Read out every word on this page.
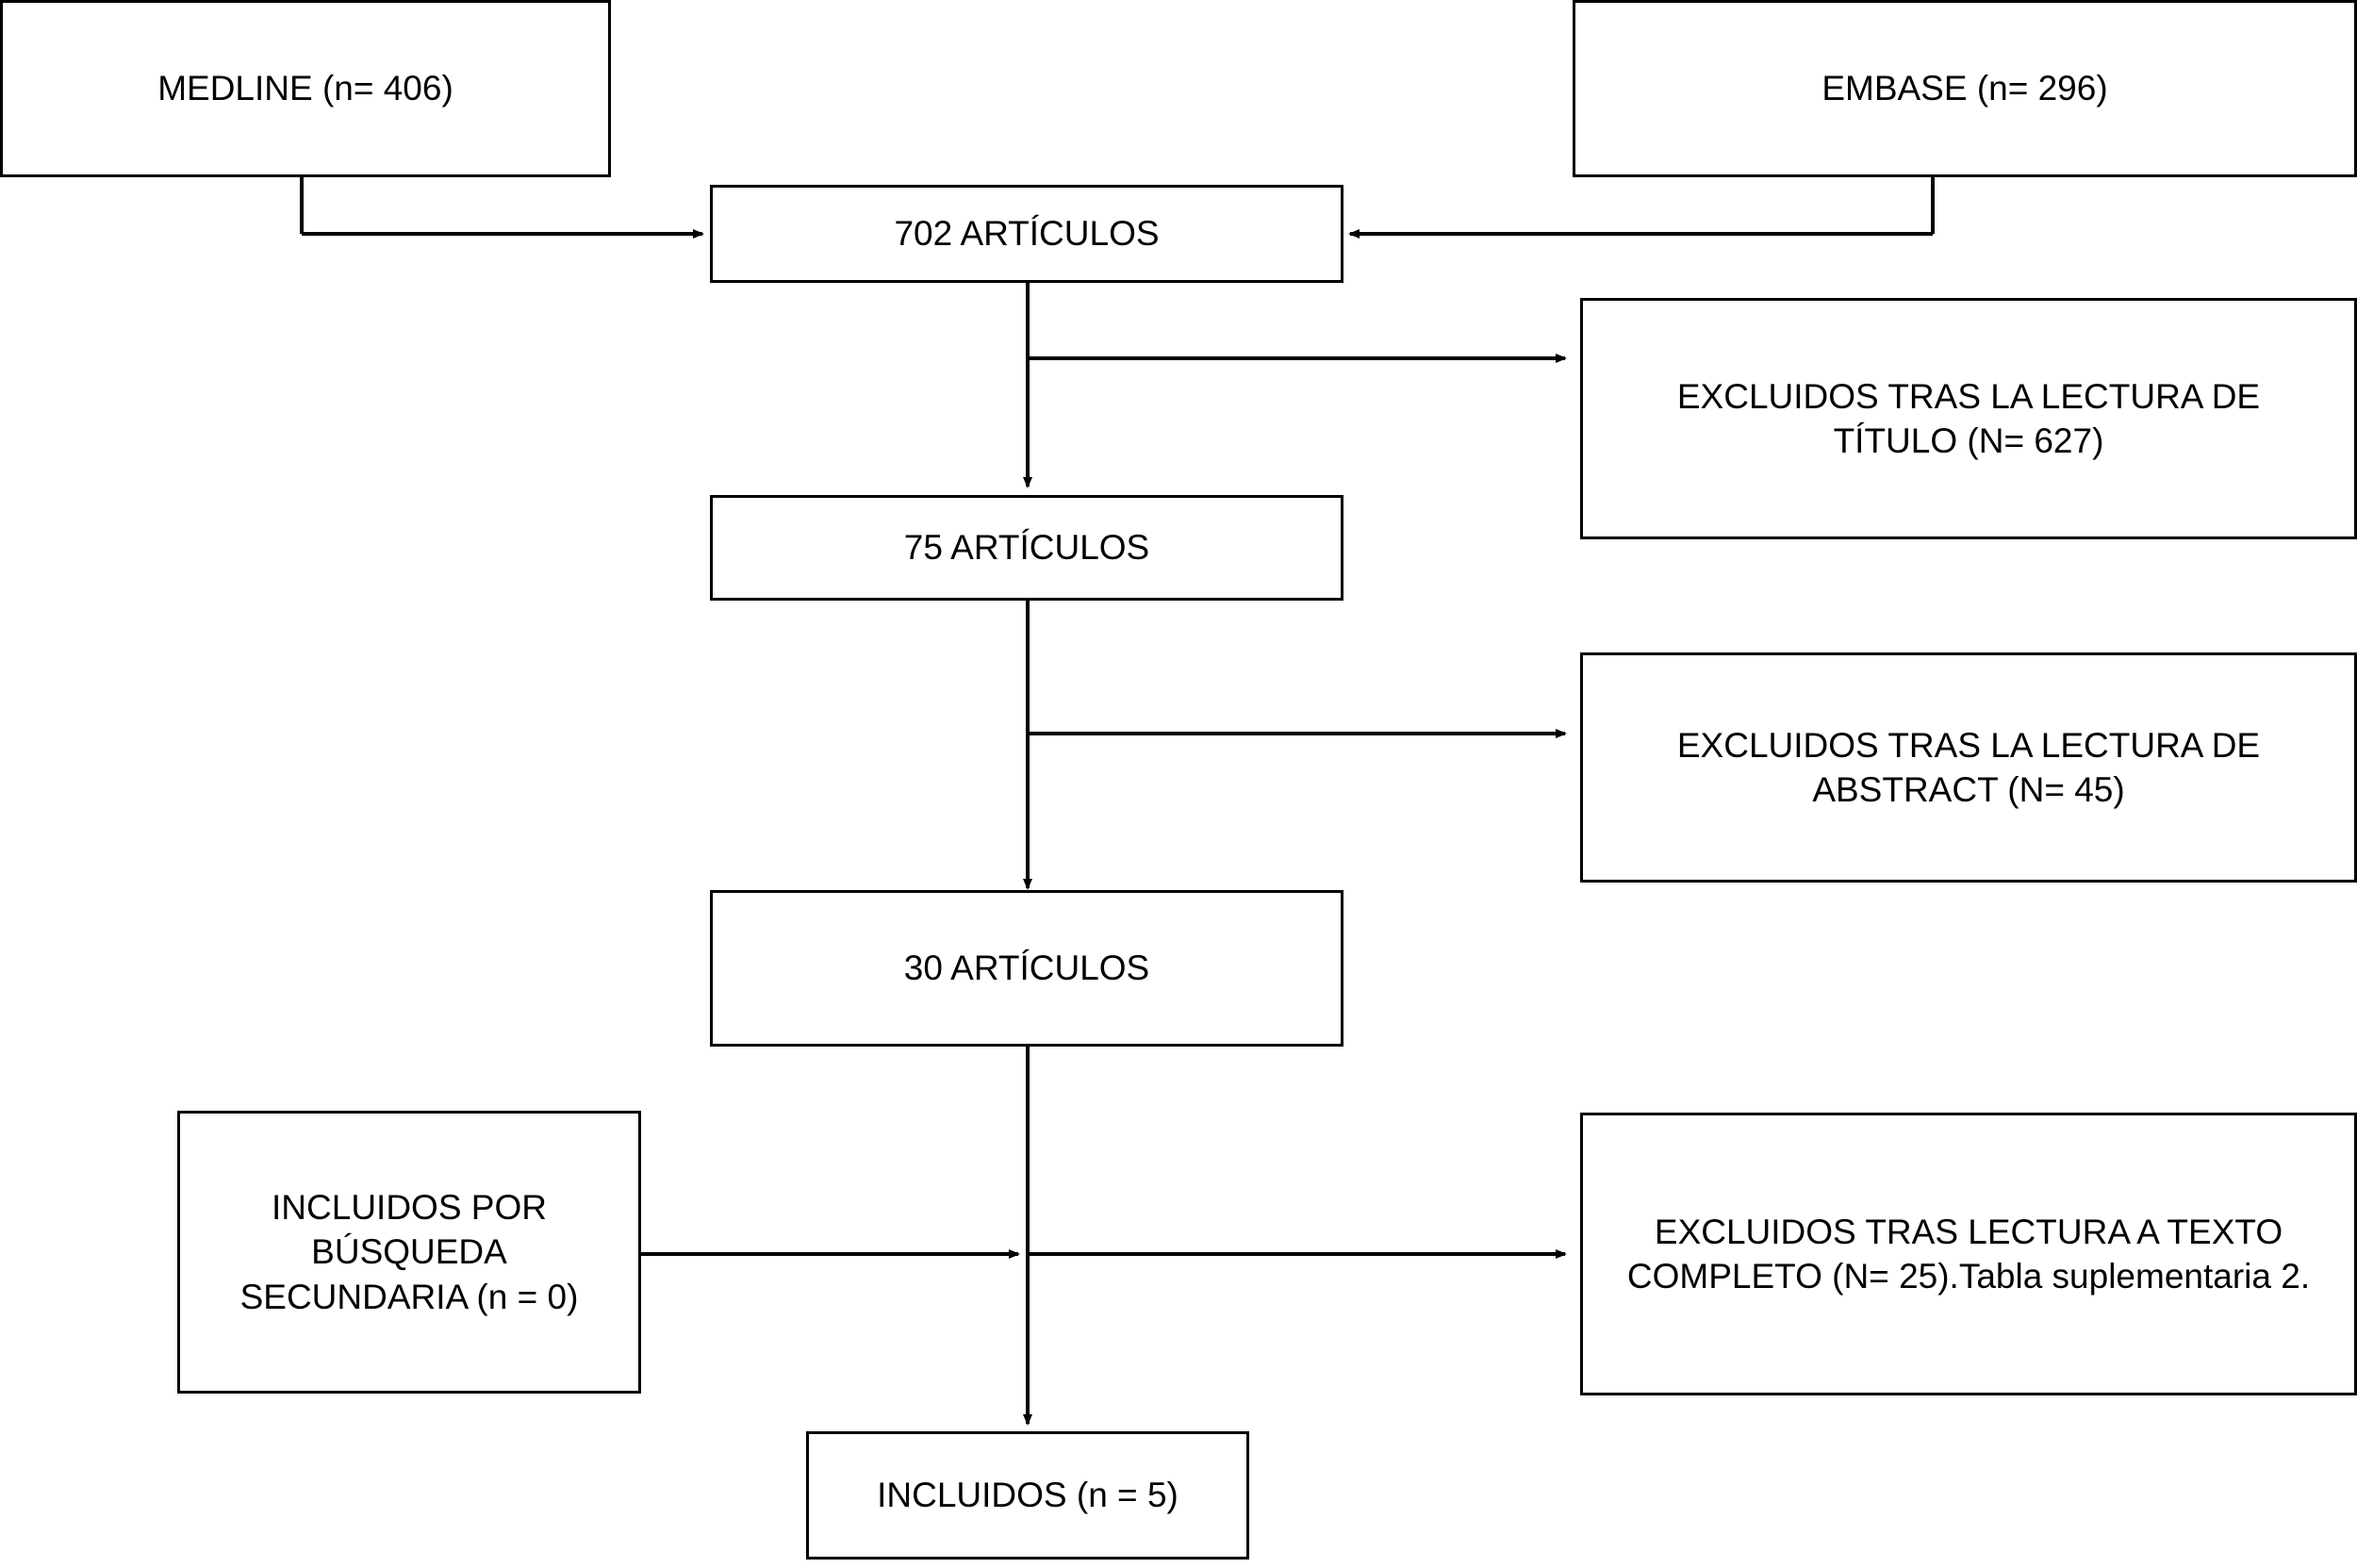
MEDLINE (n= 406)	EMBASE (n= 296)
702 ARTÍCULOS
EXCLUIDOS TRAS LA LECTURA DE TÍTULO (N= 627)
75 ARTÍCULOS
EXCLUIDOS TRAS LA LECTURA DE ABSTRACT (N= 45)
30 ARTÍCULOS
INCLUIDOS POR BÚSQUEDA SECUNDARIA (n = 0)
EXCLUIDOS TRAS LECTURA A TEXTO COMPLETO (N= 25).Tabla suplementaria 2.
INCLUIDOS (n = 5)
